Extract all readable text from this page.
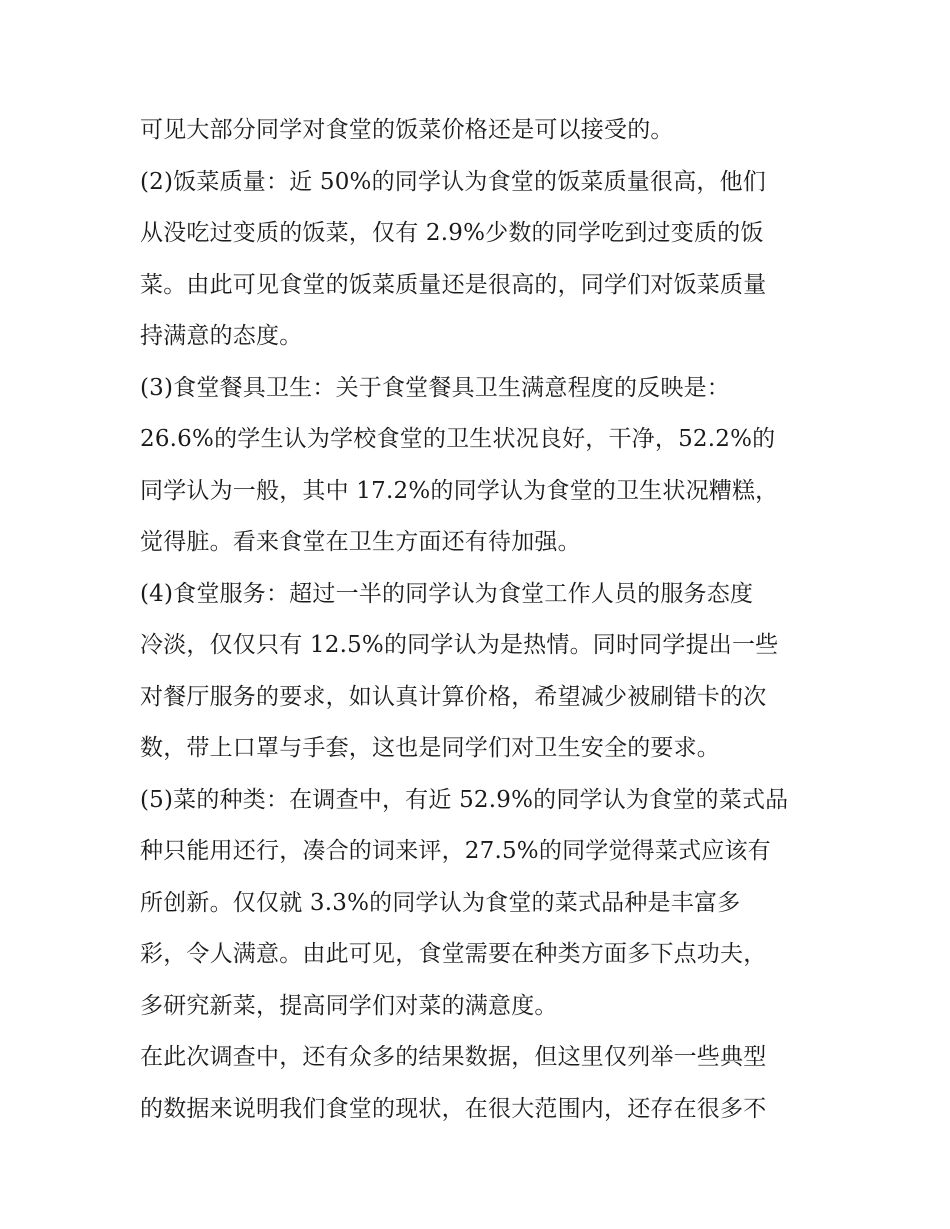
可见大部分同学对食堂的饭菜价格还是可以接受的。
(2)饭菜质量：近 50%的同学认为食堂的饭菜质量很高，他们
从没吃过变质的饭菜，仅有 2.9%少数的同学吃到过变质的饭
菜。由此可见食堂的饭菜质量还是很高的，同学们对饭菜质量
持满意的态度。
(3)食堂餐具卫生：关于食堂餐具卫生满意程度的反映是：
26.6%的学生认为学校食堂的卫生状况良好，干净，52.2%的
同学认为一般，其中 17.2%的同学认为食堂的卫生状况糟糕，
觉得脏。看来食堂在卫生方面还有待加强。
(4)食堂服务：超过一半的同学认为食堂工作人员的服务态度
冷淡，仅仅只有 12.5%的同学认为是热情。同时同学提出一些
对餐厅服务的要求，如认真计算价格，希望减少被刷错卡的次
数，带上口罩与手套，这也是同学们对卫生安全的要求。
(5)菜的种类：在调查中，有近 52.9%的同学认为食堂的菜式品
种只能用还行，凑合的词来评，27.5%的同学觉得菜式应该有
所创新。仅仅就 3.3%的同学认为食堂的菜式品种是丰富多
彩，令人满意。由此可见，食堂需要在种类方面多下点功夫，
多研究新菜，提高同学们对菜的满意度。
在此次调查中，还有众多的结果数据，但这里仅列举一些典型
的数据来说明我们食堂的现状，在很大范围内，还存在很多不
